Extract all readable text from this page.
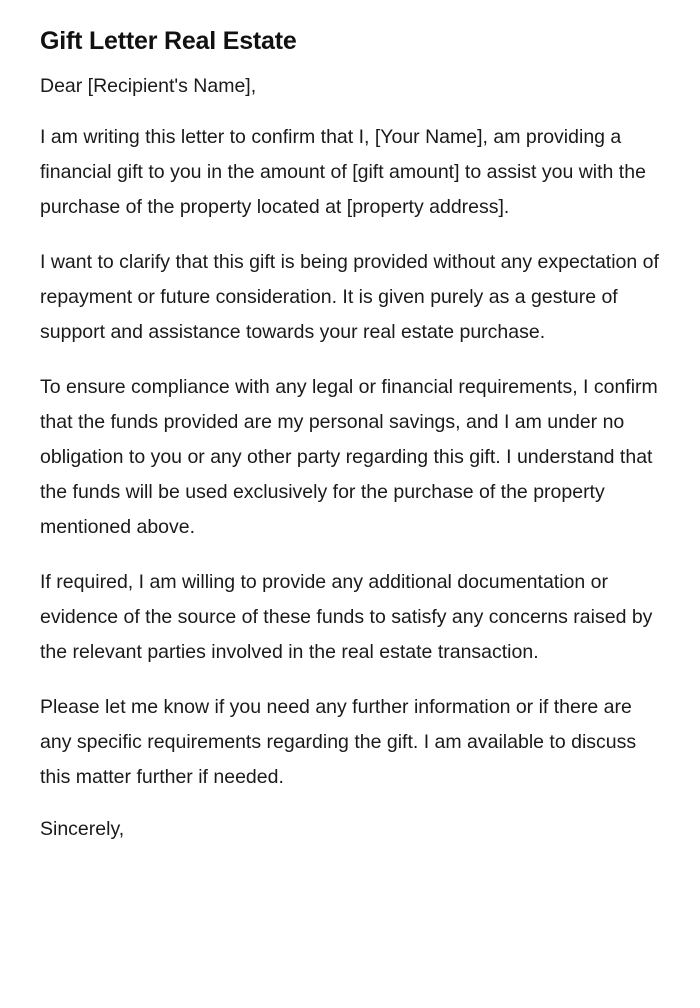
Gift Letter Real Estate

Dear [Recipient's Name],

I am writing this letter to confirm that I, [Your Name], am providing a financial gift to you in the amount of [gift amount] to assist you with the purchase of the property located at [property address].

I want to clarify that this gift is being provided without any expectation of repayment or future consideration. It is given purely as a gesture of support and assistance towards your real estate purchase.

To ensure compliance with any legal or financial requirements, I confirm that the funds provided are my personal savings, and I am under no obligation to you or any other party regarding this gift. I understand that the funds will be used exclusively for the purchase of the property mentioned above.

If required, I am willing to provide any additional documentation or evidence of the source of these funds to satisfy any concerns raised by the relevant parties involved in the real estate transaction.

Please let me know if you need any further information or if there are any specific requirements regarding the gift. I am available to discuss this matter further if needed.

Sincerely,
